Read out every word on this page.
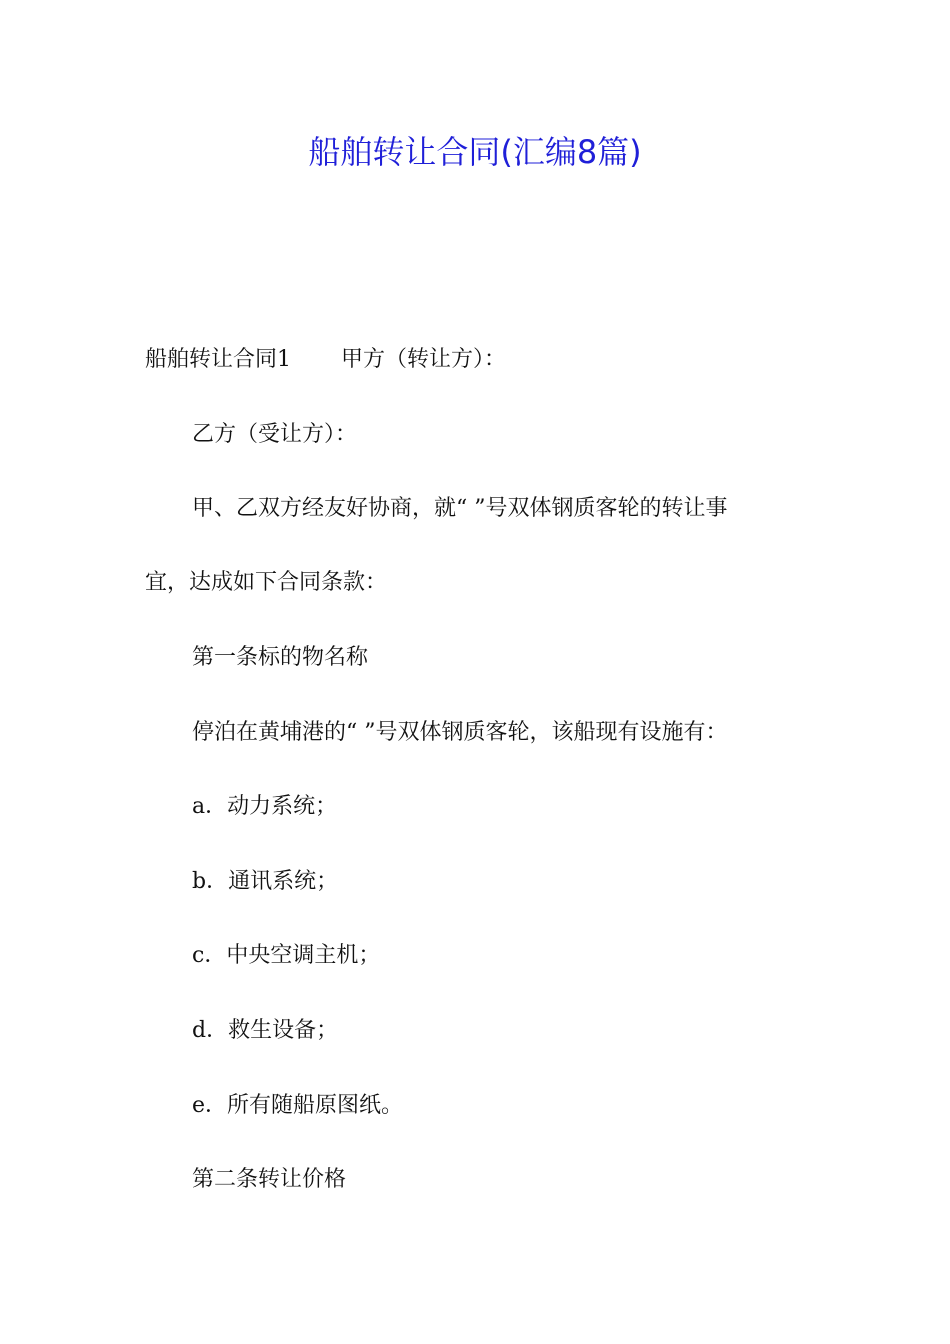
船舶转让合同(汇编8篇)
船舶转让合同1 甲方（转让方）：
乙方（受让方）：
甲、乙双方经友好协商，就“ ”号双体钢质客轮的转让事
宜，达成如下合同条款：
第一条标的物名称
停泊在黄埔港的“ ”号双体钢质客轮，该船现有设施有：
a．动力系统；
b．通讯系统；
c．中央空调主机；
d．救生设备；
e．所有随船原图纸。
第二条转让价格
